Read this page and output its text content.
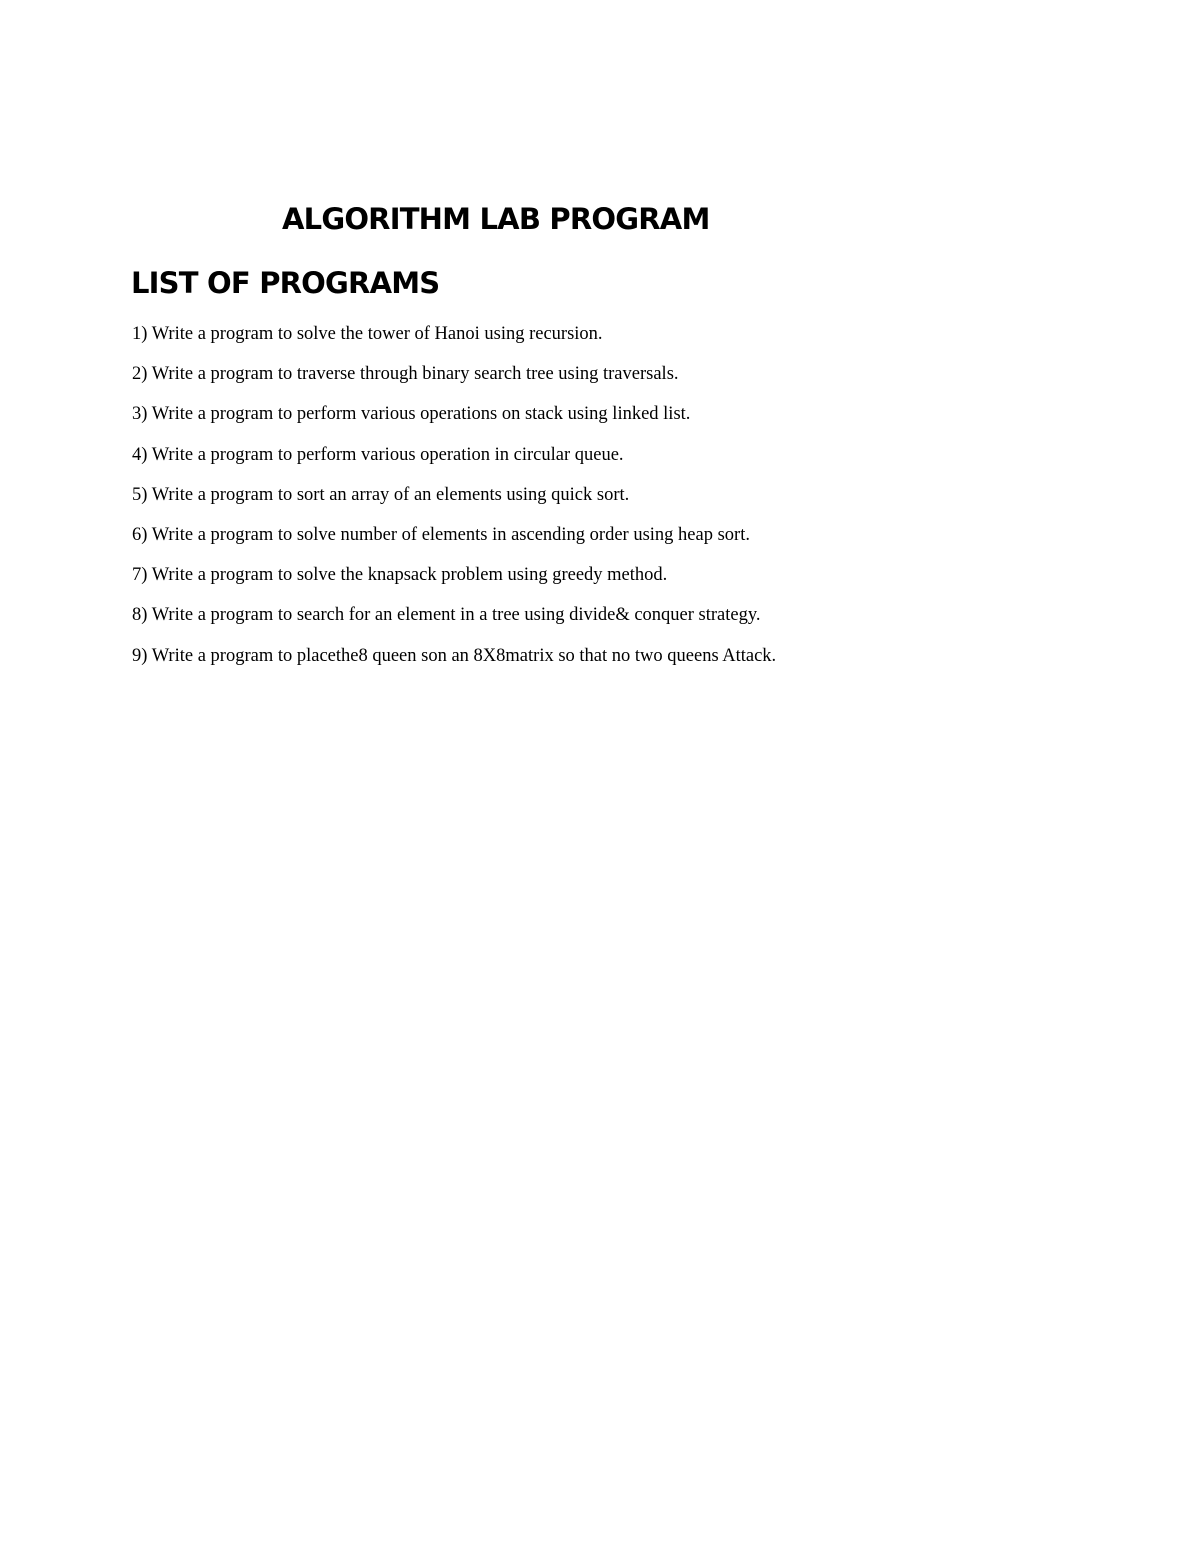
ALGORITHM LAB PROGRAM
LIST OF PROGRAMS
1) Write a program to solve the tower of Hanoi using recursion.
2) Write a program to traverse through binary search tree using traversals.
3) Write a program to perform various operations on stack using linked list.
4) Write a program to perform various operation in circular queue.
5) Write a program to sort an array of an elements using quick sort.
6) Write a program to solve number of elements in ascending order using heap sort.
7) Write a program to solve the knapsack problem using greedy method.
8) Write a program to search for an element in a tree using divide& conquer strategy.
9) Write a program to placethe8 queen son an 8X8matrix so that no two queens Attack.
